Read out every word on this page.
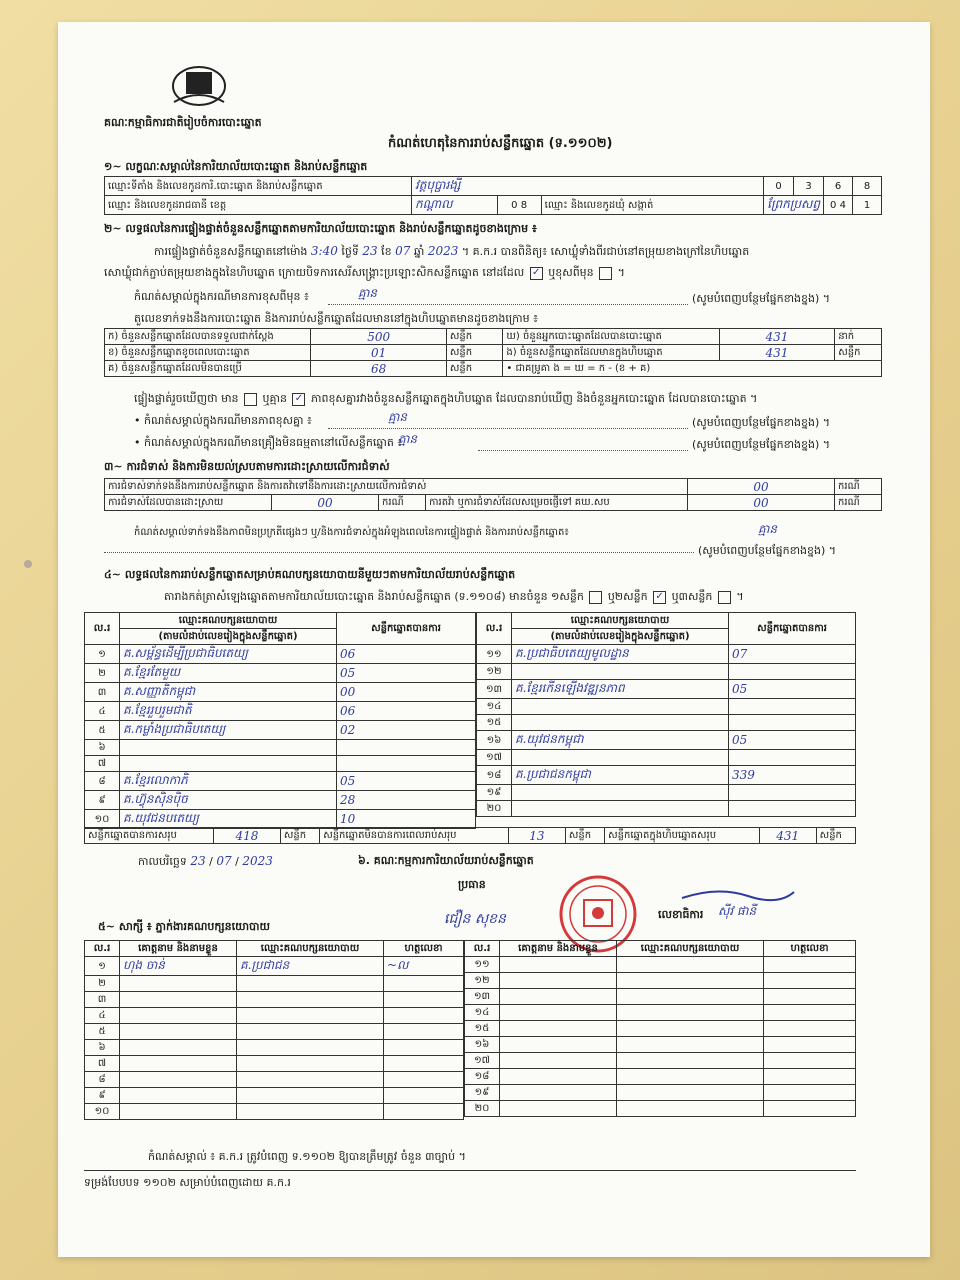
គណៈកម្មាធិការជាតិរៀបចំការបោះឆ្នោត
កំណត់ហេតុនៃការរាប់សន្លឹកឆ្នោត (ទ.១១០២)
១~ លក្ខណៈសម្គាល់នៃការិយាល័យបោះឆ្នោត និងរាប់សន្លឹកឆ្នោត
ឈ្មោះទីតាំង និងលេខកូដការិ.បោះឆ្នោត និងរាប់សន្លឹកឆ្នោត	វត្តបុប្ផារង្សី			0	3	6	8
ឈ្មោះ និងលេខកូដរាជធានី ខេត្ត	កណ្តាល	0 8	ឈ្មោះ និងលេខកូដឃុំ សង្កាត់	ព្រែកប្រសព្វ		0 4	1
២~ លទ្ធផលនៃការផ្ទៀងផ្ទាត់ចំនួនសន្លឹកឆ្នោតតាមការិយាល័យបោះឆ្នោត និងរាប់សន្លឹកឆ្នោតដូចខាងក្រោម ៖
ការផ្ទៀងផ្ទាត់ចំនួនសន្លឹកឆ្នោតនៅម៉ោង 3:40 ថ្ងៃទី 23 ខែ 07 ឆ្នាំ 2023 ។ គ.ក.រ បានពិនិត្យ៖ សោឃ្លុំទាំងពីរជាប់នៅតម្រុយខាងក្រៅនៃហិបឆ្នោត
សោឃ្លុំជាក់ភ្ជាប់តម្រុយខាងក្នុងនៃហិបឆ្នោត ក្រោយបិទការសេរីសង្គ្រោះប្រឡោះសិកសន្លឹកឆ្នោត នៅដដែល ✓ ឬខុសពីមុន  ។
កំណត់សម្គាល់ក្នុងករណីមានការខុសពីមុន ៖	គ្មាន	(សូមបំពេញបន្ថែមផ្នែកខាងខ្នង) ។
តួលេខទាក់ទងនឹងការបោះឆ្នោត និងការរាប់សន្លឹកឆ្នោតដែលមាននៅក្នុងហិបឆ្នោតមានដូចខាងក្រោម ៖
ក) ចំនួនសន្លឹកឆ្នោតដែលបានទទួលជាក់ស្តែង	500	សន្លឹក	ឃ) ចំនួនអ្នកបោះឆ្នោតដែលបានបោះឆ្នោត	431	នាក់
ខ) ចំនួនសន្លឹកឆ្នោតខូចពេលបោះឆ្នោត	01	សន្លឹក	ង) ចំនួនសន្លឹកឆ្នោតដែលមានក្នុងហិបឆ្នោត	431	សន្លឹក
គ) ចំនួនសន្លឹកឆ្នោតដែលមិនបានប្រើ	68	សន្លឹក	• ជាគម្រូគា ង = ឃ = ក - (ខ + គ)		
ផ្ទៀងផ្ទាត់រួចឃើញថា មាន ឬគ្មាន ✓ ភាពខុសគ្នារវាងចំនួនសន្លឹកឆ្នោតក្នុងហិបឆ្នោត ដែលបានរាប់ឃើញ និងចំនួនអ្នកបោះឆ្នោត ដែលបានបោះឆ្នោត ។
• កំណត់សម្គាល់ក្នុងករណីមានភាពខុសគ្នា ៖	គ្មាន	(សូមបំពេញបន្ថែមផ្នែកខាងខ្នង) ។
• កំណត់សម្គាល់ក្នុងករណីមានគ្រឿងមិនធម្មតានៅលើសន្លឹកឆ្នោត ៖
គ្មាន	(សូមបំពេញបន្ថែមផ្នែកខាងខ្នង) ។
៣~ ការជំទាស់ និងការមិនយល់ស្របតាមការដោះស្រាយលើការជំទាស់
ការជំទាស់ទាក់ទងនឹងការរាប់សន្លឹកឆ្នោត និងការតវ៉ាទៅនឹងការដោះស្រាយលើការជំទាស់				00	ករណី
ការជំទាស់ដែលបានដោះស្រាយ	00	ករណី	ការតវ៉ា ឬការជំទាស់ដែលសម្រេចផ្ញើទៅ គឃ.សប	00	ករណី
កំណត់សម្គាល់ទាក់ទងនឹងភាពមិនប្រក្រតីផ្សេងៗ ឬ/និងការជំទាស់ក្នុងអំឡុងពេលនៃការផ្ទៀងផ្ទាត់ និងការរាប់សន្លឹកឆ្នោត៖	គ្មាន
(សូមបំពេញបន្ថែមផ្នែកខាងខ្នង) ។
៤~ លទ្ធផលនៃការរាប់សន្លឹកឆ្នោតសម្រាប់គណបក្សនយោបាយនីមួយៗតាមការិយាល័យរាប់សន្លឹកឆ្នោត
តារាងកត់ត្រាសំឡេងឆ្នោតតាមការិយាល័យបោះឆ្នោត និងរាប់សន្លឹកឆ្នោត (ទ.១១០៨) មានចំនួន ១សន្លឹក ឬ២សន្លឹក ✓ ឬ៣សន្លឹក  ។
ល.រ	ឈ្មោះគណបក្សនយោបាយ	សន្លឹកឆ្នោតបានការ
	(តាមលំដាប់លេខរៀងក្នុងសន្លឹកឆ្នោត)	
១	គ.សម្ព័ន្ធដើម្បីប្រជាធិបតេយ្យ	06
២	គ.ខ្មែរតែមួយ	05
៣	គ.សញ្ញាតិកម្ពុជា	00
៤	គ.ខ្មែររួបរួមជាតិ	06
៥	គ.កម្លាំងប្រជាធិបតេយ្យ	02
៦		
៧		
៨	គ.ខ្មែរលោកាភិ	05
៩	គ.ហ៊្វុនស៊ិនប៉ិច	28
១០	គ.យុវជនបតេយ្យ	10
ល.រ	ឈ្មោះគណបក្សនយោបាយ	សន្លឹកឆ្នោតបានការ
	(តាមលំដាប់លេខរៀងក្នុងសន្លឹកឆ្នោត)	
១១	គ.ប្រជាធិបតេយ្យមូលដ្ឋាន	07
១២		
១៣	គ.ខ្មែរកើនឡើងវឌ្ឍនភាព	05
១៤		
១៥		
១៦	គ.យុវជនកម្ពុជា	05
១៧		
១៨	គ.ប្រជាជនកម្ពុជា	339
១៩		
២០		
សន្លឹកឆ្នោតបានការសរុប	418	សន្លឹក	សន្លឹកឆ្នោតមិនបានការពេលរាប់សរុប	13	សន្លឹក	សន្លឹកឆ្នោតក្នុងហិបឆ្នោតសរុប	431	សន្លឹក
កាលបរិច្ឆេទ 23 / 07 / 2023	៦. គណៈកម្មការការិយាល័យរាប់សន្លឹកឆ្នោត
ប្រធាន
ជឿន សុខន	លេខាធិការ ស៊ីវ ផានី
៥~ សាក្សី ៖ ភ្នាក់ងារគណបក្សនយោបាយ
ល.រ	គោត្តនាម និងនាមខ្លួន	ឈ្មោះគណបក្សនយោបាយ	ហត្ថលេខា
១	ហុង ចាន់	គ.ប្រជាជន	~ល
២			
៣			
៤			
៥			
៦			
៧			
៨			
៩			
១០			
ល.រ	គោត្តនាម និងនាមខ្លួន	ឈ្មោះគណបក្សនយោបាយ	ហត្ថលេខា
១១			
១២			
១៣			
១៤			
១៥			
១៦			
១៧			
១៨			
១៩			
២០			
កំណត់សម្គាល់ ៖ គ.ក.រ ត្រូវបំពេញ ទ.១១០២ ឱ្យបានត្រឹមត្រូវ ចំនួន ៣ច្បាប់ ។
ទម្រង់បែបបទ ១១០២ សម្រាប់បំពេញដោយ គ.ក.រ
